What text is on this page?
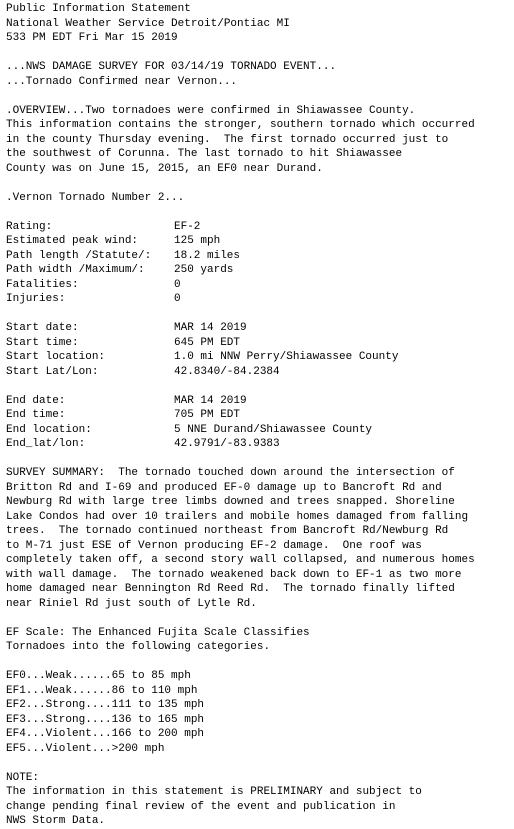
Public Information Statement
National Weather Service Detroit/Pontiac MI
533 PM EDT Fri Mar 15 2019
...NWS DAMAGE SURVEY FOR 03/14/19 TORNADO EVENT...
...Tornado Confirmed near Vernon...
.OVERVIEW...Two tornadoes were confirmed in Shiawassee County.
This information contains the stronger, southern tornado which occurred
in the county Thursday evening.  The first tornado occurred just to
the southwest of Corunna. The last tornado to hit Shiawassee
County was on June 15, 2015, an EF0 near Durand.
.Vernon Tornado Number 2...
Rating:	EF-2
Estimated peak wind:	125 mph
Path length /Statute/: 18.2 miles
Path width /Maximum/:	250 yards
Fatalities:	0
Injuries:	0
Start date:	MAR 14 2019
Start time:	645 PM EDT
Start location:	1.0 mi NNW Perry/Shiawassee County
Start Lat/Lon:	42.8340/-84.2384
End date:	MAR 14 2019
End time:	705 PM EDT
End location:	5 NNE Durand/Shiawassee County
End_lat/lon:	42.9791/-83.9383
SURVEY SUMMARY:  The tornado touched down around the intersection of
Britton Rd and I-69 and produced EF-0 damage up to Bancroft Rd and
Newburg Rd with large tree limbs downed and trees snapped. Shoreline
Lake Condos had over 10 trailers and mobile homes damaged from falling
trees.  The tornado continued northeast from Bancroft Rd/Newburg Rd
to M-71 just ESE of Vernon producing EF-2 damage.  One roof was
completely taken off, a second story wall collapsed, and numerous homes
with wall damage.  The tornado weakened back down to EF-1 as two more
home damaged near Bennington Rd Reed Rd.  The tornado finally lifted
near Riniel Rd just south of Lytle Rd.
EF Scale: The Enhanced Fujita Scale Classifies
Tornadoes into the following categories.
EF0...Weak......65 to 85 mph
EF1...Weak......86 to 110 mph
EF2...Strong....111 to 135 mph
EF3...Strong....136 to 165 mph
EF4...Violent...166 to 200 mph
EF5...Violent...>200 mph
NOTE:
The information in this statement is PRELIMINARY and subject to
change pending final review of the event and publication in
NWS Storm Data.
